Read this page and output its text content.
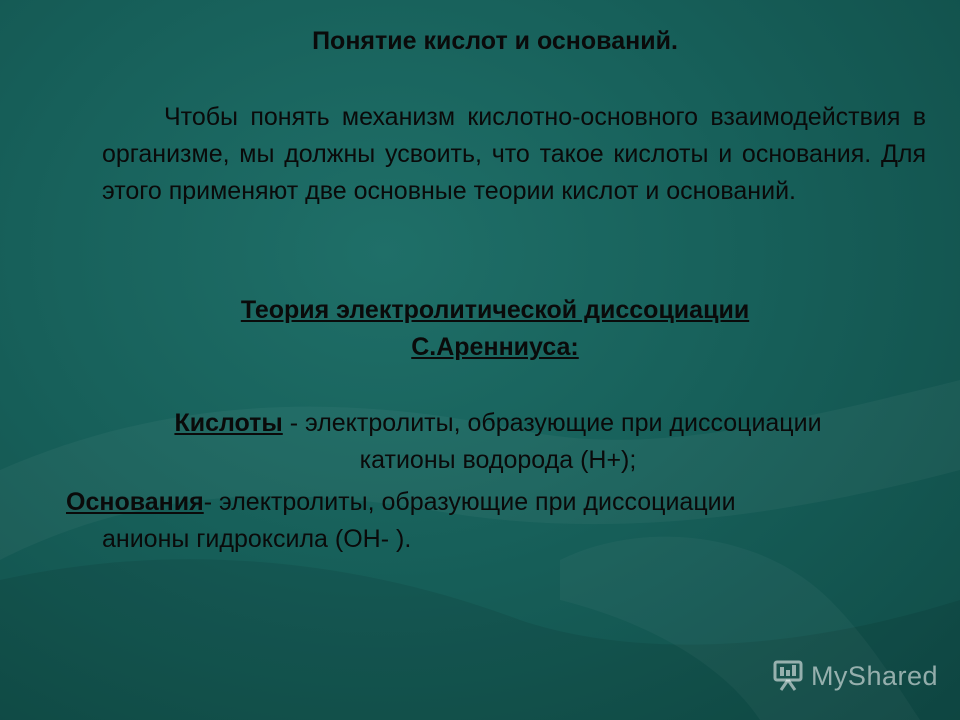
Понятие кислот и оснований.
Чтобы понять механизм кислотно-основного взаимодействия в организме, мы должны усвоить, что такое кислоты и основания. Для этого применяют две основные теории кислот и оснований.
Теория электролитической диссоциации
С.Аренниуса:
Кислоты - электролиты, образующие при диссоциации
катионы водорода (Н+);
Основания- электролиты, образующие при диссоциации
анионы гидроксила (ОН- ).
MyShared
